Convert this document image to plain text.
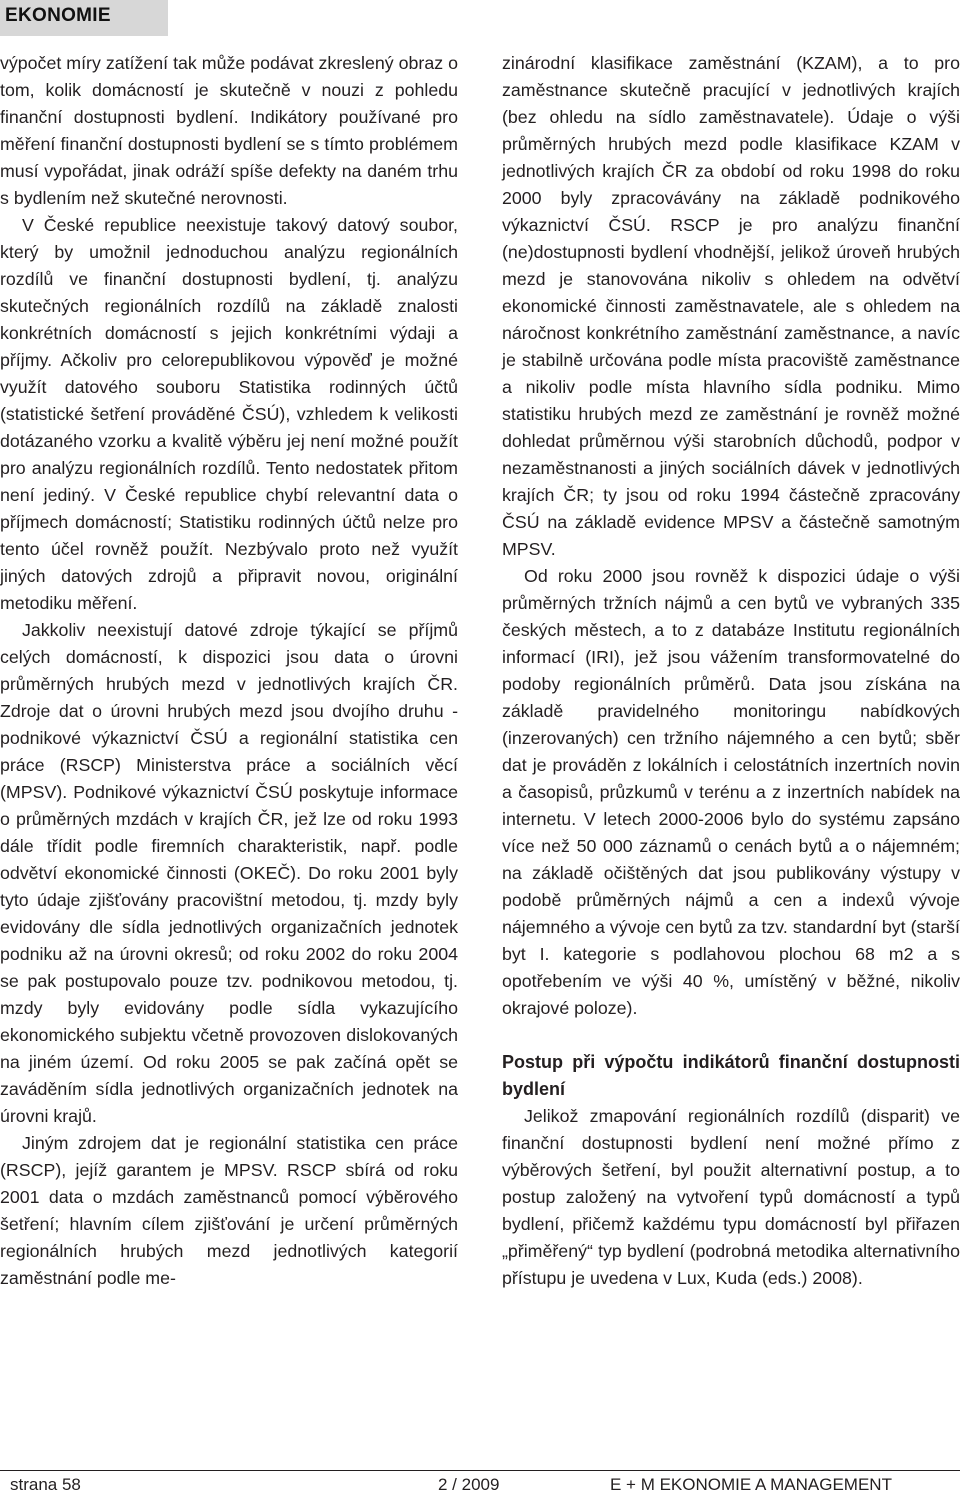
EKONOMIE

výpočet míry zatížení tak může podávat zkreslený obraz o tom, kolik domácností je skutečně v nouzi z pohledu finanční dostupnosti bydlení. Indikátory používané pro měření finanční dostupnosti bydlení se s tímto problémem musí vypořádat, jinak odráží spíše defekty na daném trhu s bydlením než skutečné nerovnosti.

V České republice neexistuje takový datový soubor, který by umožnil jednoduchou analýzu regionálních rozdílů ve finanční dostupnosti bydlení, tj. analýzu skutečných regionálních rozdílů na základě znalosti konkrétních domácností s jejich konkrétními výdaji a příjmy. Ačkoliv pro celorepublikovou výpověď je možné využít datového souboru Statistika rodinných účtů (statistické šetření prováděné ČSÚ), vzhledem k velikosti dotázaného vzorku a kvalitě výběru jej není možné použít pro analýzu regionálních rozdílů. Tento nedostatek přitom není jediný. V České republice chybí relevantní data o příjmech domácností; Statistiku rodinných účtů nelze pro tento účel rovněž použít. Nezbývalo proto než využít jiných datových zdrojů a připravit novou, originální metodiku měření.

Jakkoliv neexistují datové zdroje týkající se příjmů celých domácností, k dispozici jsou data o úrovni průměrných hrubých mezd v jednotlivých krajích ČR. Zdroje dat o úrovni hrubých mezd jsou dvojího druhu - podnikové výkaznictví ČSÚ a regionální statistika cen práce (RSCP) Ministerstva práce a sociálních věcí (MPSV). Podnikové výkaznictví ČSÚ poskytuje informace o průměrných mzdách v krajích ČR, jež lze od roku 1993 dále třídit podle firemních charakteristik, např. podle odvětví ekonomické činnosti (OKEČ). Do roku 2001 byly tyto údaje zjišťovány pracovištní metodou, tj. mzdy byly evidovány dle sídla jednotlivých organizačních jednotek podniku až na úrovni okresů; od roku 2002 do roku 2004 se pak postupovalo pouze tzv. podnikovou metodou, tj. mzdy byly evidovány podle sídla vykazujícího ekonomického subjektu včetně provozoven dislokovaných na jiném území. Od roku 2005 se pak začíná opět se zaváděním sídla jednotlivých organizačních jednotek na úrovni krajů.

Jiným zdrojem dat je regionální statistika cen práce (RSCP), jejíž garantem je MPSV. RSCP sbírá od roku 2001 data o mzdách zaměstnanců pomocí výběrového šetření; hlavním cílem zjišťování je určení průměrných regionálních hrubých mezd jednotlivých kategorií zaměstnání podle me-

zinárodní klasifikace zaměstnání (KZAM), a to pro zaměstnance skutečně pracující v jednotlivých krajích (bez ohledu na sídlo zaměstnavatele). Údaje o výši průměrných hrubých mezd podle klasifikace KZAM v jednotlivých krajích ČR za období od roku 1998 do roku 2000 byly zpracovávány na základě podnikového výkaznictví ČSÚ. RSCP je pro analýzu finanční (ne)dostupnosti bydlení vhodnější, jelikož úroveň hrubých mezd je stanovována nikoliv s ohledem na odvětví ekonomické činnosti zaměstnavatele, ale s ohledem na náročnost konkrétního zaměstnání zaměstnance, a navíc je stabilně určována podle místa pracoviště zaměstnance a nikoliv podle místa hlavního sídla podniku. Mimo statistiku hrubých mezd ze zaměstnání je rovněž možné dohledat průměrnou výši starobních důchodů, podpor v nezaměstnanosti a jiných sociálních dávek v jednotlivých krajích ČR; ty jsou od roku 1994 částečně zpracovány ČSÚ na základě evidence MPSV a částečně samotným MPSV.

Od roku 2000 jsou rovněž k dispozici údaje o výši průměrných tržních nájmů a cen bytů ve vybraných 335 českých městech, a to z databáze Institutu regionálních informací (IRI), jež jsou vážením transformovatelné do podoby regionálních průměrů. Data jsou získána na základě pravidelného monitoringu nabídkových (inzerovaných) cen tržního nájemného a cen bytů; sběr dat je prováděn z lokálních i celostátních inzertních novin a časopisů, průzkumů v terénu a z inzertních nabídek na internetu. V letech 2000-2006 bylo do systému zapsáno více než 50 000 záznamů o cenách bytů a o nájemném; na základě očištěných dat jsou publikovány výstupy v podobě průměrných nájmů a cen a indexů vývoje nájemného a vývoje cen bytů za tzv. standardní byt (starší byt I. kategorie s podlahovou plochou 68 m2 a s opotřebením ve výši 40 %, umístěný v běžné, nikoliv okrajové poloze).

Postup při výpočtu indikátorů finanční dostupnosti bydlení

Jelikož zmapování regionálních rozdílů (disparit) ve finanční dostupnosti bydlení není možné přímo z výběrových šetření, byl použit alternativní postup, a to postup založený na vytvoření typů domácností a typů bydlení, přičemž každému typu domácností byl přiřazen „přiměřený“ typ bydlení (podrobná metodika alternativního přístupu je uvedena v Lux, Kuda (eds.) 2008).

strana 58	2 / 2009	E + M EKONOMIE A MANAGEMENT
